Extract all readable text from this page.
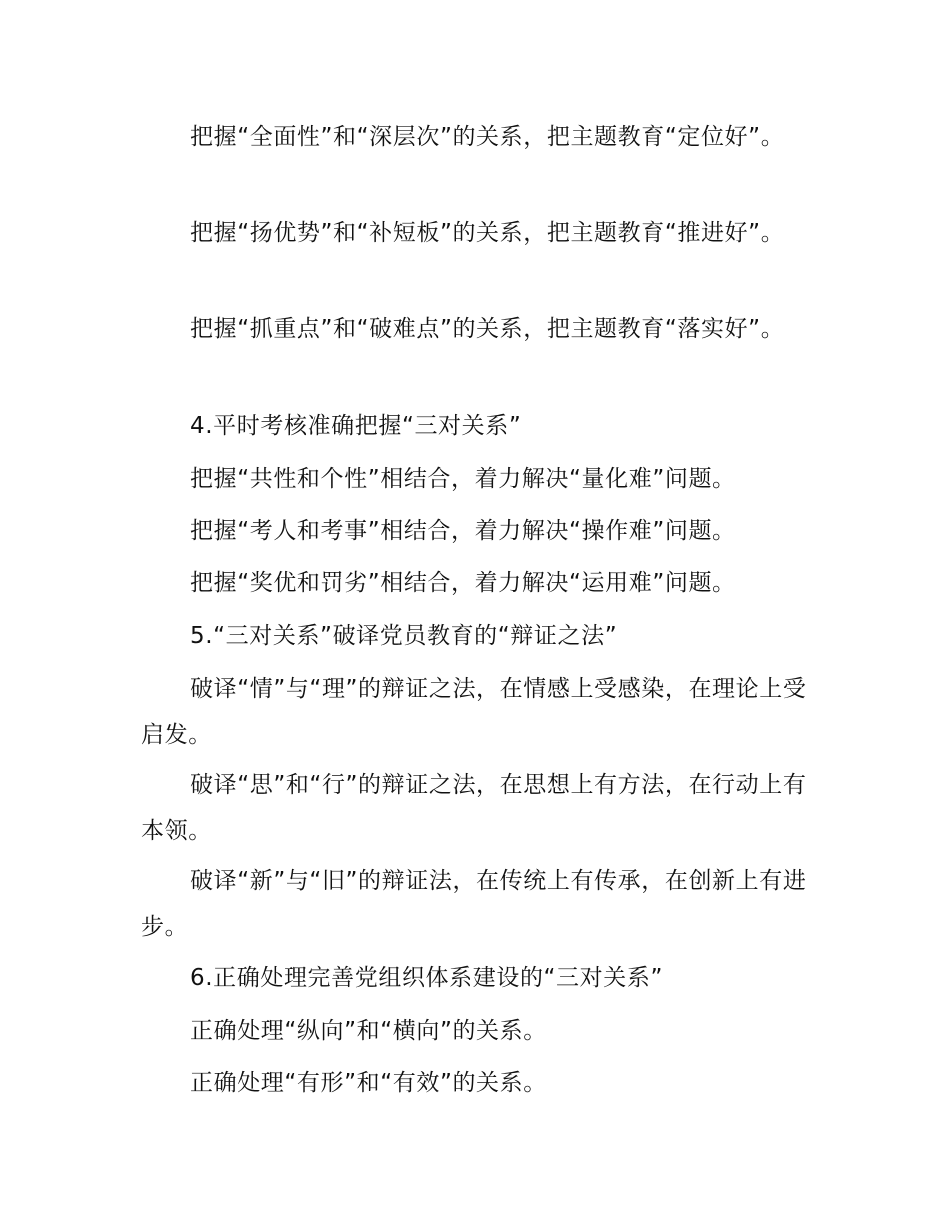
把握“全面性”和“深层次”的关系，把主题教育“定位好”。

把握“扬优势”和“补短板”的关系，把主题教育“推进好”。

把握“抓重点”和“破难点”的关系，把主题教育“落实好”。

4.平时考核准确把握“三对关系”

把握“共性和个性”相结合，着力解决“量化难”问题。

把握“考人和考事”相结合，着力解决“操作难”问题。

把握“奖优和罚劣”相结合，着力解决“运用难”问题。

5.“三对关系”破译党员教育的“辩证之法”

破译“情”与“理”的辩证之法，在情感上受感染，在理论上受启发。

破译“思”和“行”的辩证之法，在思想上有方法，在行动上有本领。

破译“新”与“旧”的辩证法，在传统上有传承，在创新上有进步。

6.正确处理完善党组织体系建设的“三对关系”

正确处理“纵向”和“横向”的关系。

正确处理“有形”和“有效”的关系。
